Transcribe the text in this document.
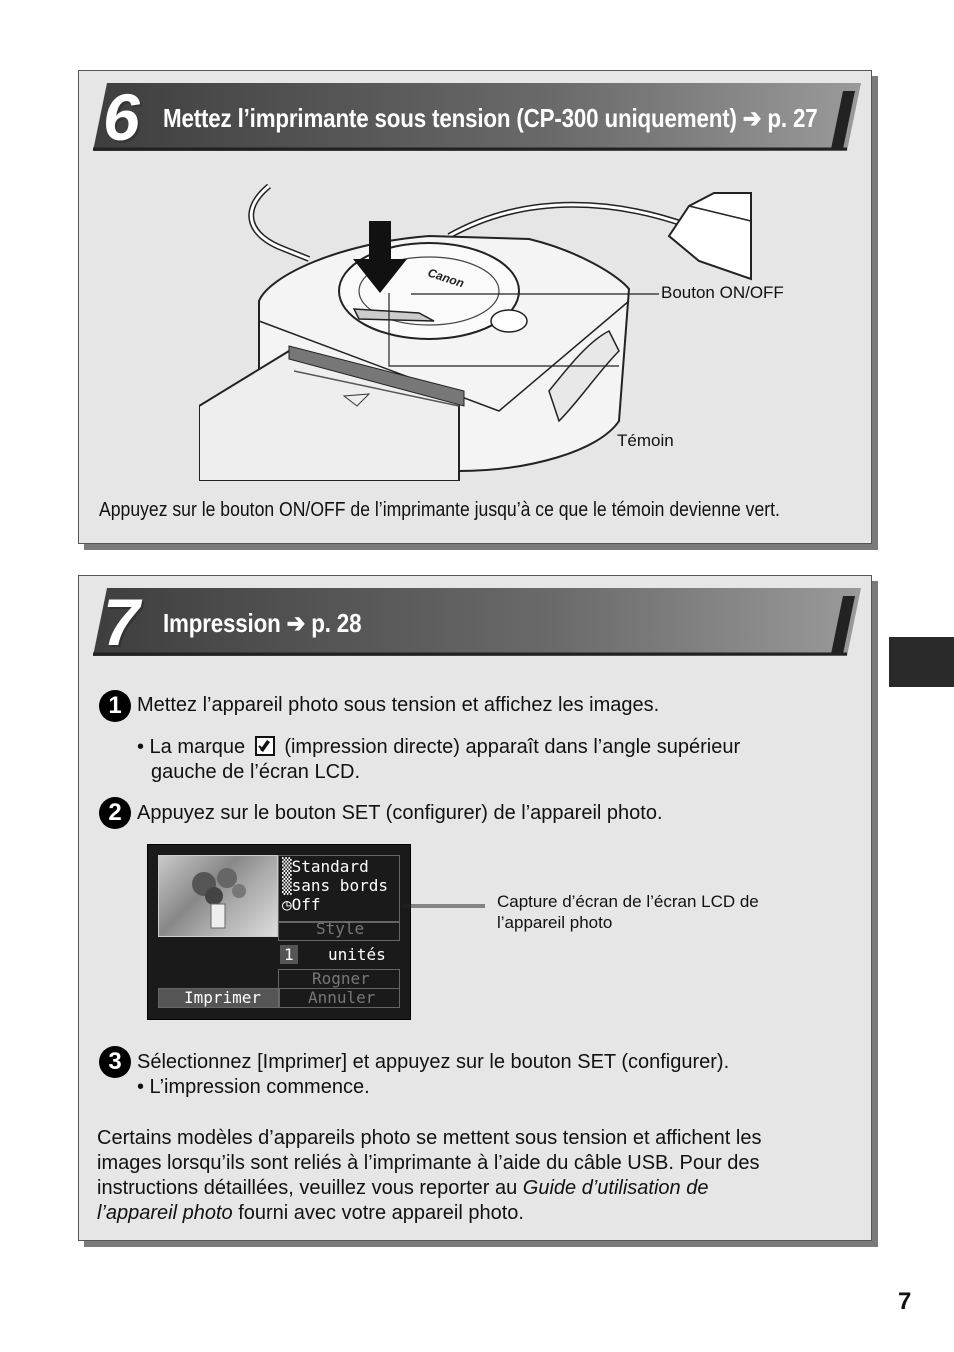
6 Mettez l’imprimante sous tension (CP-300 uniquement) ➔ p. 27
Canon
Bouton ON/OFF
Témoin
Appuyez sur le bouton ON/OFF de l’imprimante jusqu’à ce que le témoin devienne vert.
7 Impression ➔ p. 28
1 Mettez l’appareil photo sous tension et affichez les images.
• La marque (impression directe) apparaît dans l’angle supérieur
gauche de l’écran LCD.
2 Appuyez sur le bouton SET (configurer) de l’appareil photo.
▒Standard
▒sans bords
◷Off
Style
1 unités
Rogner
Imprimer	Annuler
Capture d’écran de l’écran LCD de
l’appareil photo
3 Sélectionnez [Imprimer] et appuyez sur le bouton SET (configurer).
• L’impression commence.
Certains modèles d’appareils photo se mettent sous tension et affichent les
images lorsqu’ils sont reliés à l’imprimante à l’aide du câble USB. Pour des
instructions détaillées, veuillez vous reporter au Guide d’utilisation de
l’appareil photo fourni avec votre appareil photo.
7
